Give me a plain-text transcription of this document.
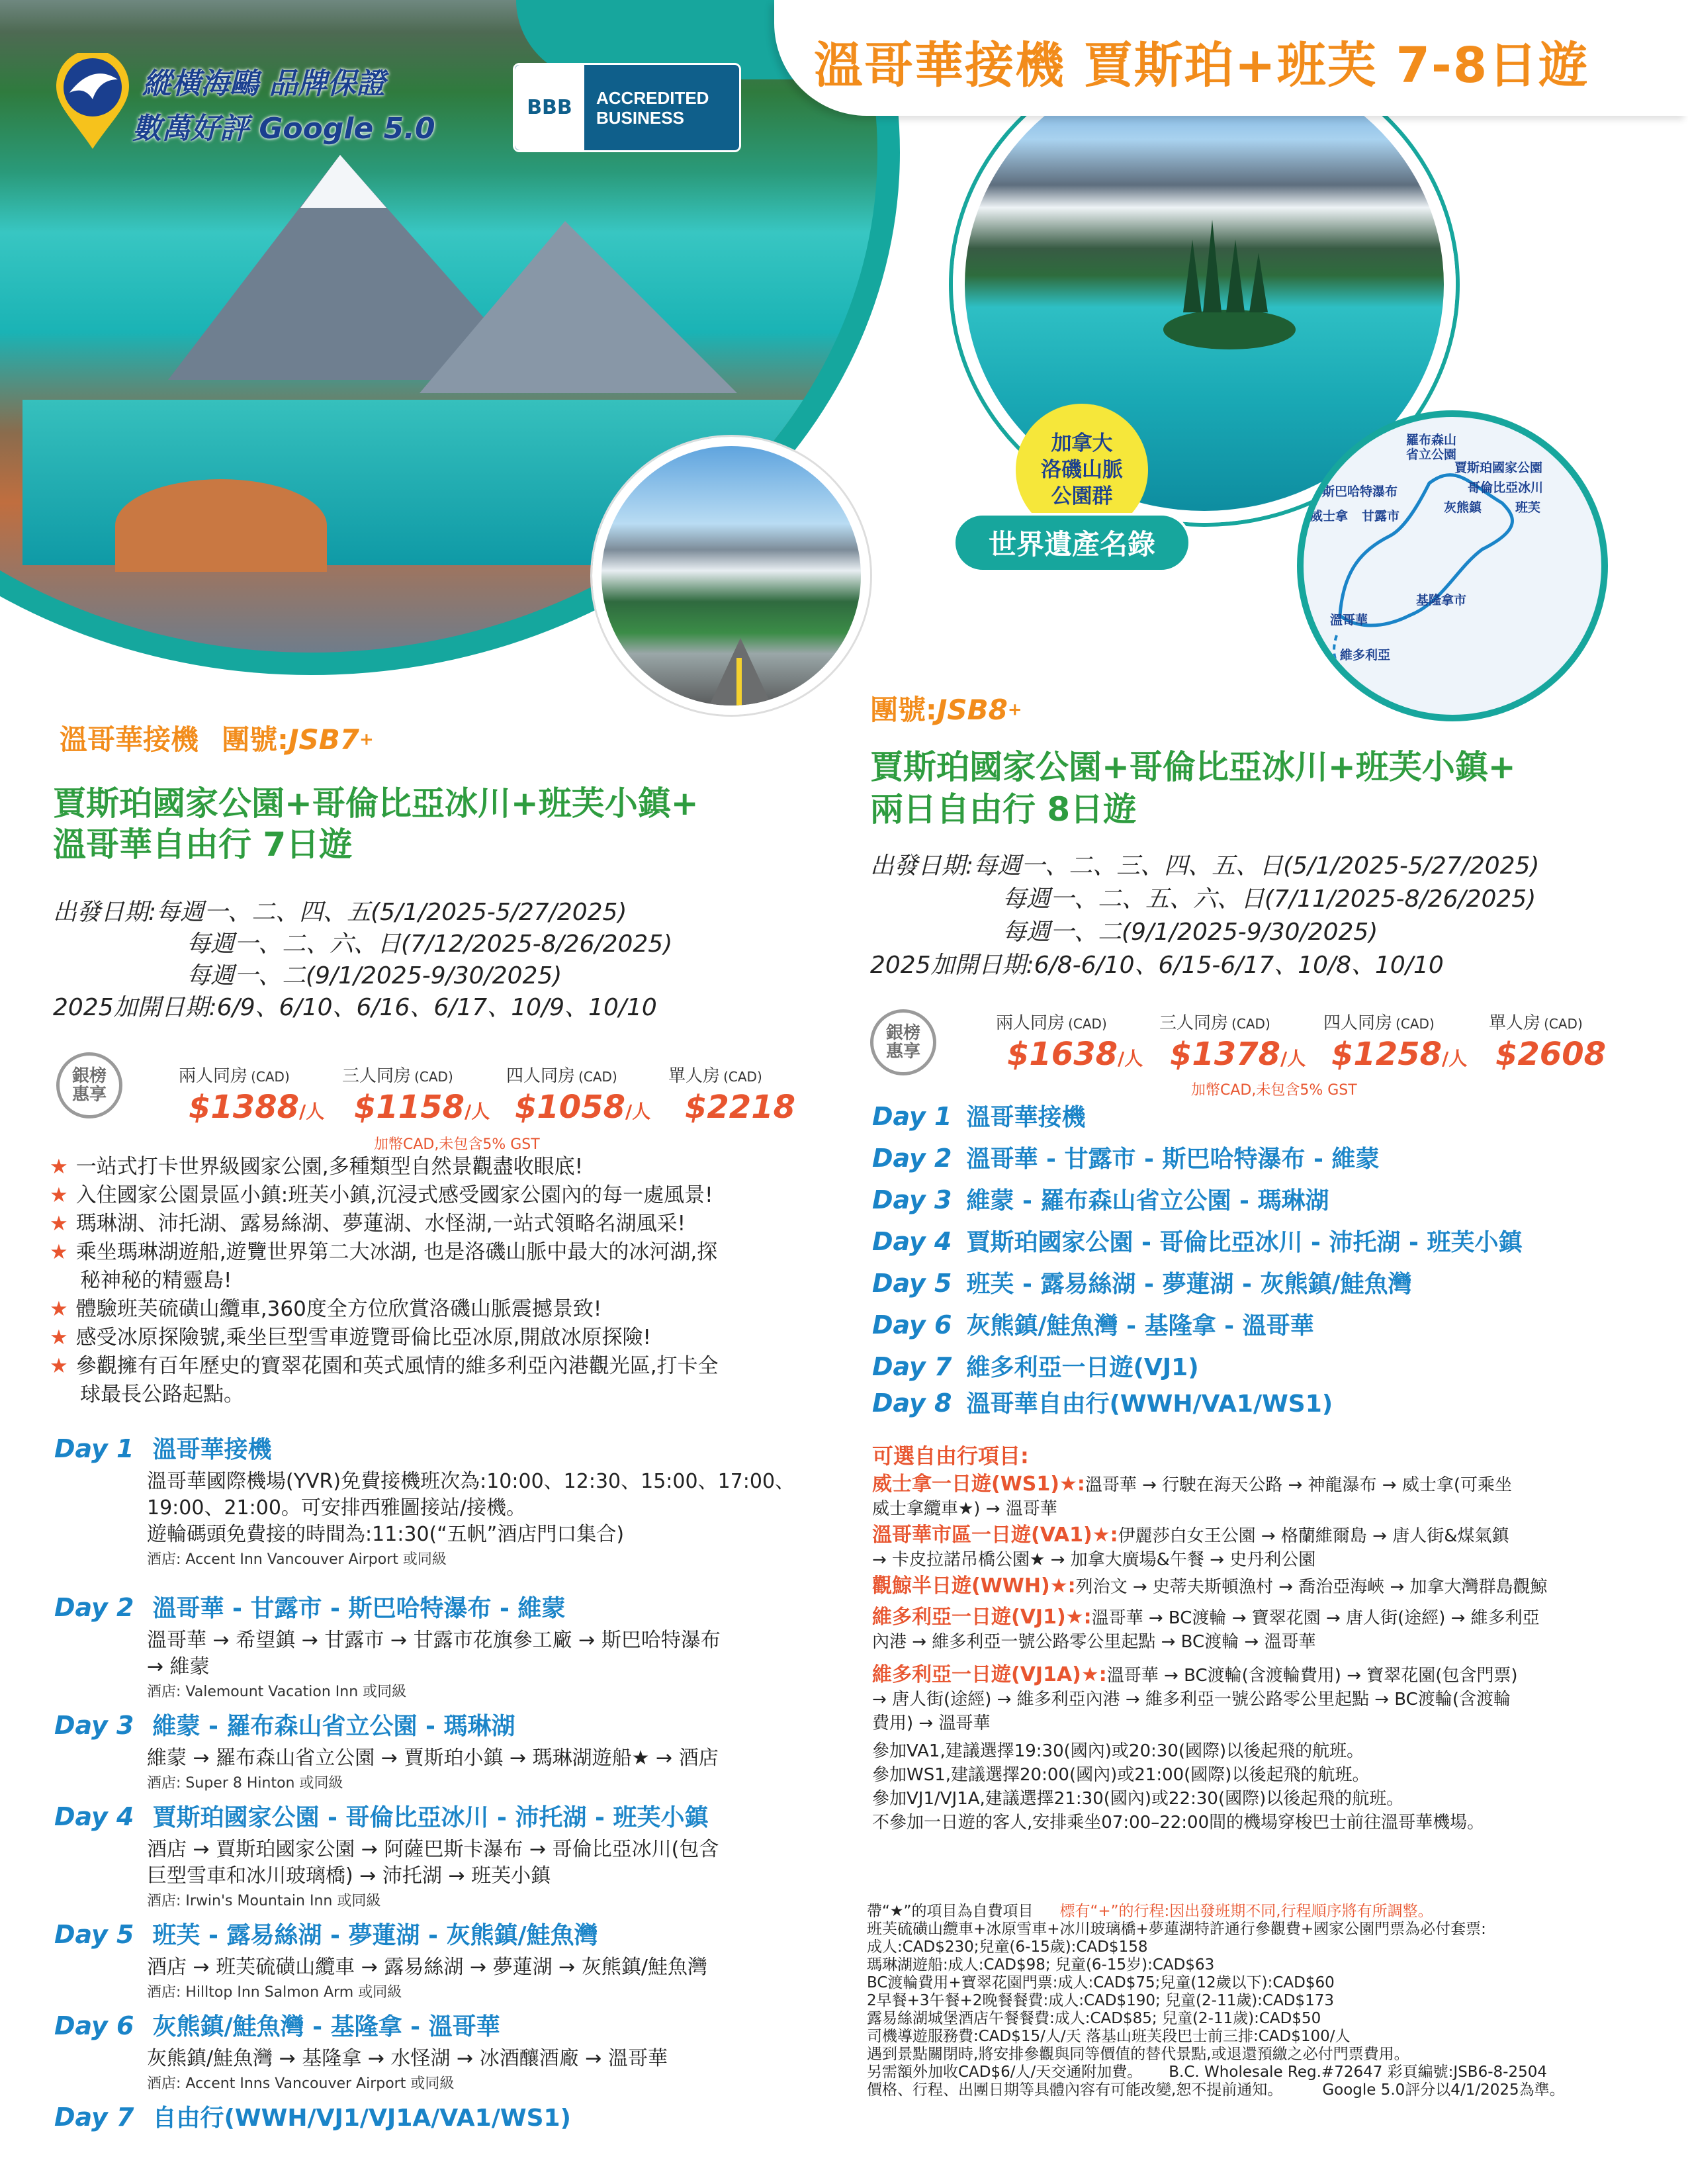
溫哥華接機 賈斯珀+班芙 7-8日遊
縱橫海鷗 品牌保證
數萬好評 Google 5.0
BBB	ACCREDITED
BUSINESS
加拿大
洛磯山脈
公園群
世界遺產名錄
羅布森山
省立公園
賈斯珀國家公園
哥倫比亞冰川
斯巴哈特瀑布
灰熊鎮	班芙
威士拿 甘露市
基隆拿市
溫哥華
維多利亞
溫哥華接機 團號:JSB7+
賈斯珀國家公園+哥倫比亞冰川+班芙小鎮+
溫哥華自由行 7日遊
出發日期:每週一、二、四、五(5/1/2025-5/27/2025)
每週一、二、六、日(7/12/2025-8/26/2025)
每週一、二(9/1/2025-9/30/2025)
2025加開日期:6/9、6/10、6/16、6/17、10/9、10/10
銀榜惠享
兩人同房 (CAD)	三人同房 (CAD)	四人同房 (CAD)	單人房 (CAD)
$1388/人 $1158/人 $1058/人 $2218
加幣CAD,未包含5% GST
★ 一站式打卡世界級國家公園,多種類型自然景觀盡收眼底!
★ 入住國家公園景區小鎮:班芙小鎮,沉浸式感受國家公園內的每一處風景!
★ 瑪琳湖、沛托湖、露易絲湖、夢蓮湖、水怪湖,一站式領略名湖風采!
★ 乘坐瑪琳湖遊船,遊覽世界第二大冰湖, 也是洛磯山脈中最大的冰河湖,探
秘神秘的精靈島!
★ 體驗班芙硫磺山纜車,360度全方位欣賞洛磯山脈震撼景致!
★ 感受冰原探險號,乘坐巨型雪車遊覽哥倫比亞冰原,開啟冰原探險!
★ 參觀擁有百年歷史的寶翠花園和英式風情的維多利亞內港觀光區,打卡全
球最長公路起點。
Day 1 溫哥華接機
溫哥華國際機場(YVR)免費接機班次為:10:00、12:30、15:00、17:00、
19:00、21:00。可安排西雅圖接站/接機。
遊輪碼頭免費接的時間為:11:30(“五帆”酒店門口集合)
酒店: Accent Inn Vancouver Airport 或同級
Day 2 溫哥華 - 甘露市 - 斯巴哈特瀑布 - 維蒙
溫哥華 → 希望鎮 → 甘露市 → 甘露市花旗參工廠 → 斯巴哈特瀑布
→ 維蒙
酒店: Valemount Vacation Inn 或同級
Day 3 維蒙 - 羅布森山省立公園 - 瑪琳湖
維蒙 → 羅布森山省立公園 → 賈斯珀小鎮 → 瑪琳湖遊船★ → 酒店
酒店: Super 8 Hinton 或同級
Day 4 賈斯珀國家公園 - 哥倫比亞冰川 - 沛托湖 - 班芙小鎮
酒店 → 賈斯珀國家公園 → 阿薩巴斯卡瀑布 → 哥倫比亞冰川(包含
巨型雪車和冰川玻璃橋) → 沛托湖 → 班芙小鎮
酒店: Irwin's Mountain Inn 或同級
Day 5 班芙 - 露易絲湖 - 夢蓮湖 - 灰熊鎮/鮭魚灣
酒店 → 班芙硫磺山纜車 → 露易絲湖 → 夢蓮湖 → 灰熊鎮/鮭魚灣
酒店: Hilltop Inn Salmon Arm 或同級
Day 6 灰熊鎮/鮭魚灣 - 基隆拿 - 溫哥華
灰熊鎮/鮭魚灣 → 基隆拿 → 水怪湖 → 冰酒釀酒廠 → 溫哥華
酒店: Accent Inns Vancouver Airport 或同級
Day 7 自由行(WWH/VJ1/VJ1A/VA1/WS1)
團號:JSB8+
賈斯珀國家公園+哥倫比亞冰川+班芙小鎮+
兩日自由行 8日遊
出發日期:每週一、二、三、四、五、日(5/1/2025-5/27/2025)
每週一、二、五、六、日(7/11/2025-8/26/2025)
每週一、二(9/1/2025-9/30/2025)
2025加開日期:6/8-6/10、6/15-6/17、10/8、10/10
銀榜惠享
兩人同房 (CAD)	三人同房 (CAD)	四人同房 (CAD)	單人房 (CAD)
$1638/人 $1378/人 $1258/人 $2608
加幣CAD,未包含5% GST
Day 1 溫哥華接機
Day 2 溫哥華 - 甘露市 - 斯巴哈特瀑布 - 維蒙
Day 3 維蒙 - 羅布森山省立公園 - 瑪琳湖
Day 4 賈斯珀國家公園 - 哥倫比亞冰川 - 沛托湖 - 班芙小鎮
Day 5 班芙 - 露易絲湖 - 夢蓮湖 - 灰熊鎮/鮭魚灣
Day 6 灰熊鎮/鮭魚灣 - 基隆拿 - 溫哥華
Day 7 維多利亞一日遊(VJ1)
Day 8 溫哥華自由行(WWH/VA1/WS1)
可選自由行項目:
威士拿一日遊(WS1)★:溫哥華 → 行駛在海天公路 → 神龍瀑布 → 威士拿(可乘坐
威士拿纜車★) → 溫哥華
溫哥華市區一日遊(VA1)★:伊麗莎白女王公園 → 格蘭維爾島 → 唐人街&煤氣鎮
→ 卡皮拉諾吊橋公園★ → 加拿大廣場&午餐 → 史丹利公園
觀鯨半日遊(WWH)★:列治文 → 史蒂夫斯頓漁村 → 喬治亞海峽 → 加拿大灣群島觀鯨
維多利亞一日遊(VJ1)★:溫哥華 → BC渡輪 → 寶翠花園 → 唐人街(途經) → 維多利亞
內港 → 維多利亞一號公路零公里起點 → BC渡輪 → 溫哥華
維多利亞一日遊(VJ1A)★:溫哥華 → BC渡輪(含渡輪費用) → 寶翠花園(包含門票)
→ 唐人街(途經) → 維多利亞內港 → 維多利亞一號公路零公里起點 → BC渡輪(含渡輪
費用) → 溫哥華
參加VA1,建議選擇19:30(國內)或20:30(國際)以後起飛的航班。
參加WS1,建議選擇20:00(國內)或21:00(國際)以後起飛的航班。
參加VJ1/VJ1A,建議選擇21:30(國內)或22:30(國際)以後起飛的航班。
不參加一日遊的客人,安排乘坐07:00–22:00間的機場穿梭巴士前往溫哥華機場。
帶“★”的項目為自費項目 標有“+”的行程:因出發班期不同,行程順序將有所調整。
班芙硫磺山纜車+冰原雪車+冰川玻璃橋+夢蓮湖特許通行參觀費+國家公園門票為必付套票:
成人:CAD$230;兒童(6-15歲):CAD$158
瑪琳湖遊船:成人:CAD$98; 兒童(6-15岁):CAD$63
BC渡輪費用+寶翠花園門票:成人:CAD$75;兒童(12歲以下):CAD$60
2早餐+3午餐+2晚餐餐費:成人:CAD$190; 兒童(2-11歲):CAD$173
露易絲湖城堡酒店午餐餐費:成人:CAD$85; 兒童(2-11歲):CAD$50
司機導遊服務費:CAD$15/人/天 落基山班芙段巴士前三排:CAD$100/人
遇到景點關閉時,將安排參觀與同等價值的替代景點,或退還預繳之必付門票費用。
另需額外加收CAD$6/人/天交通附加費。 B.C. Wholesale Reg.#72647 彩頁編號:JSB6-8-2504
價格、行程、出團日期等具體內容有可能改變,恕不提前通知。	Google 5.0評分以4/1/2025為準。
